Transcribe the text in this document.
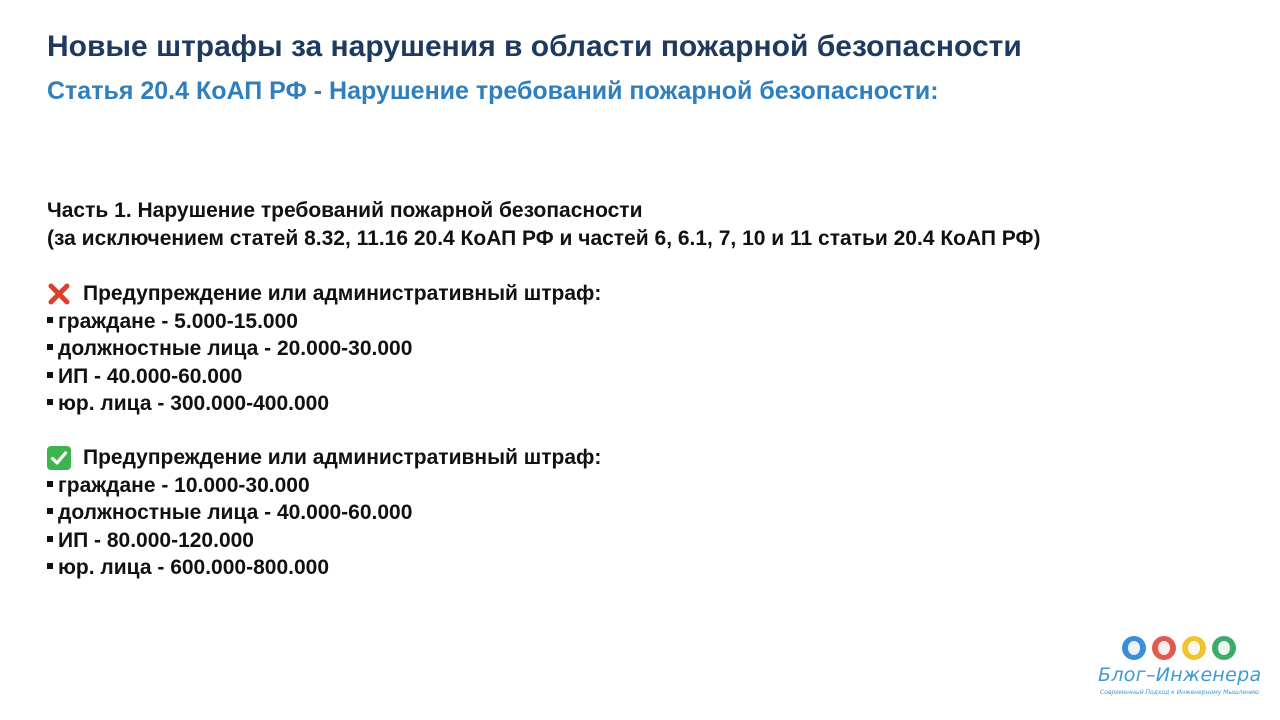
Новые штрафы за нарушения в области пожарной безопасности
Статья 20.4 КоАП РФ - Нарушение требований пожарной безопасности:
Часть 1. Нарушение требований пожарной безопасности
(за исключением статей 8.32, 11.16 20.4 КоАП РФ и частей 6, 6.1, 7, 10 и 11 статьи 20.4 КоАП РФ)
Предупреждение или административный штраф:
граждане - 5.000-15.000
должностные лица - 20.000-30.000
ИП - 40.000-60.000
юр. лица - 300.000-400.000
Предупреждение или административный штраф:
граждане - 10.000-30.000
должностные лица - 40.000-60.000
ИП - 80.000-120.000
юр. лица - 600.000-800.000
Блог–Инженера
Современный Подход к Инженерному Мышлению
